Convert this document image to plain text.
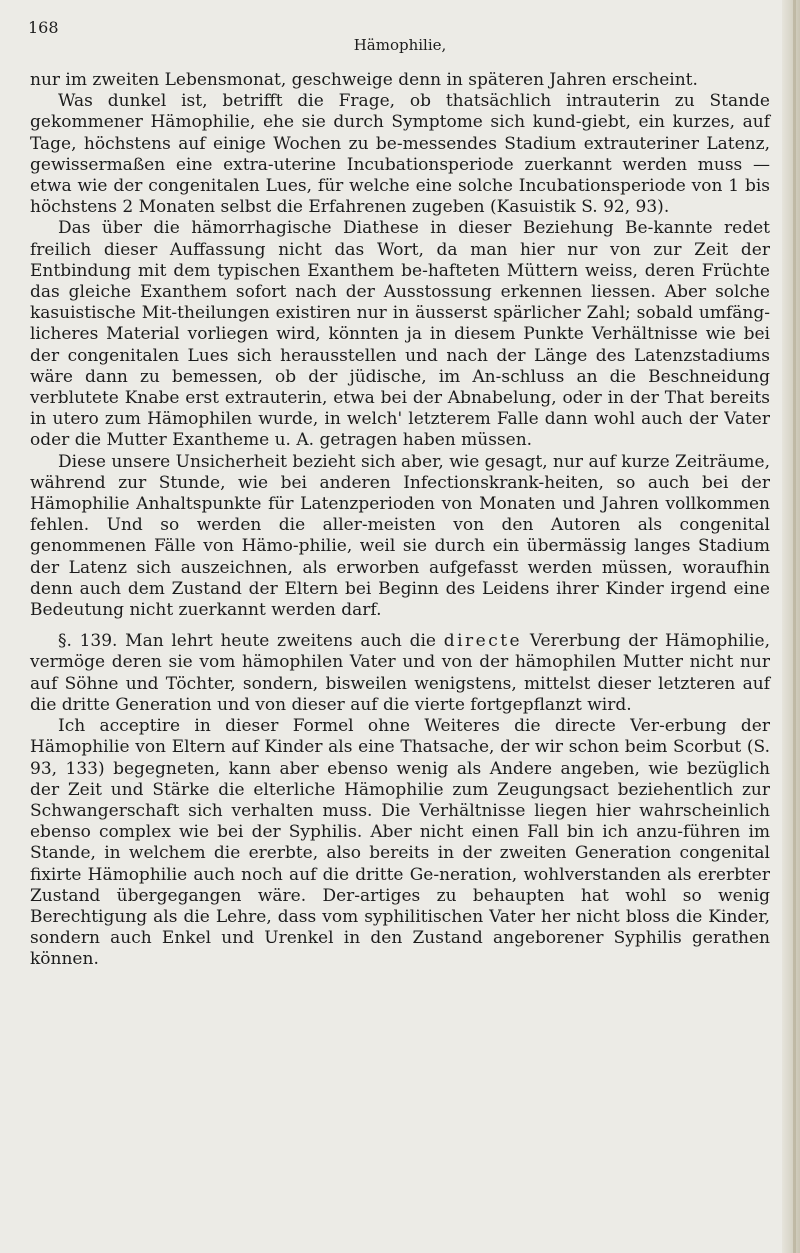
168
Hämophilie,

nur im zweiten Lebensmonat, geschweige denn in späteren Jahren erscheint.

Was dunkel ist, betrifft die Frage, ob thatsächlich intrauterin zu Stande gekommener Hämophilie, ehe sie durch Symptome sich kund-giebt, ein kurzes, auf Tage, höchstens auf einige Wochen zu be-messendes Stadium extrauteriner Latenz, gewissermaßen eine extra-uterine Incubationsperiode zuerkannt werden muss — etwa wie der congenitalen Lues, für welche eine solche Incubationsperiode von 1 bis höchstens 2 Monaten selbst die Erfahrenen zugeben (Kasuistik S. 92, 93).

Das über die hämorrhagische Diathese in dieser Beziehung Be-kannte redet freilich dieser Auffassung nicht das Wort, da man hier nur von zur Zeit der Entbindung mit dem typischen Exanthem be-hafteten Müttern weiss, deren Früchte das gleiche Exanthem sofort nach der Ausstossung erkennen liessen. Aber solche kasuistische Mit-theilungen existiren nur in äusserst spärlicher Zahl; sobald umfäng-licheres Material vorliegen wird, könnten ja in diesem Punkte Verhältnisse wie bei der congenitalen Lues sich herausstellen und nach der Länge des Latenzstadiums wäre dann zu bemessen, ob der jüdische, im An-schluss an die Beschneidung verblutete Knabe erst extrauterin, etwa bei der Abnabelung, oder in der That bereits in utero zum Hämophilen wurde, in welch' letzterem Falle dann wohl auch der Vater oder die Mutter Exantheme u. A. getragen haben müssen.

Diese unsere Unsicherheit bezieht sich aber, wie gesagt, nur auf kurze Zeiträume, während zur Stunde, wie bei anderen Infectionskrank-heiten, so auch bei der Hämophilie Anhaltspunkte für Latenzperioden von Monaten und Jahren vollkommen fehlen. Und so werden die aller-meisten von den Autoren als congenital genommenen Fälle von Hämo-philie, weil sie durch ein übermässig langes Stadium der Latenz sich auszeichnen, als erworben aufgefasst werden müssen, woraufhin denn auch dem Zustand der Eltern bei Beginn des Leidens ihrer Kinder irgend eine Bedeutung nicht zuerkannt werden darf.

§. 139. Man lehrt heute zweitens auch die directe Vererbung der Hämophilie, vermöge deren sie vom hämophilen Vater und von der hämophilen Mutter nicht nur auf Söhne und Töchter, sondern, bisweilen wenigstens, mittelst dieser letzteren auf die dritte Generation und von dieser auf die vierte fortgepflanzt wird.

Ich acceptire in dieser Formel ohne Weiteres die directe Ver-erbung der Hämophilie von Eltern auf Kinder als eine Thatsache, der wir schon beim Scorbut (S. 93, 133) begegneten, kann aber ebenso wenig als Andere angeben, wie bezüglich der Zeit und Stärke die elterliche Hämophilie zum Zeugungsact beziehentlich zur Schwangerschaft sich verhalten muss. Die Verhältnisse liegen hier wahrscheinlich ebenso complex wie bei der Syphilis. Aber nicht einen Fall bin ich anzu-führen im Stande, in welchem die ererbte, also bereits in der zweiten Generation congenital fixirte Hämophilie auch noch auf die dritte Ge-neration, wohlverstanden als ererbter Zustand übergegangen wäre. Der-artiges zu behaupten hat wohl so wenig Berechtigung als die Lehre, dass vom syphilitischen Vater her nicht bloss die Kinder, sondern auch Enkel und Urenkel in den Zustand angeborener Syphilis gerathen können.
